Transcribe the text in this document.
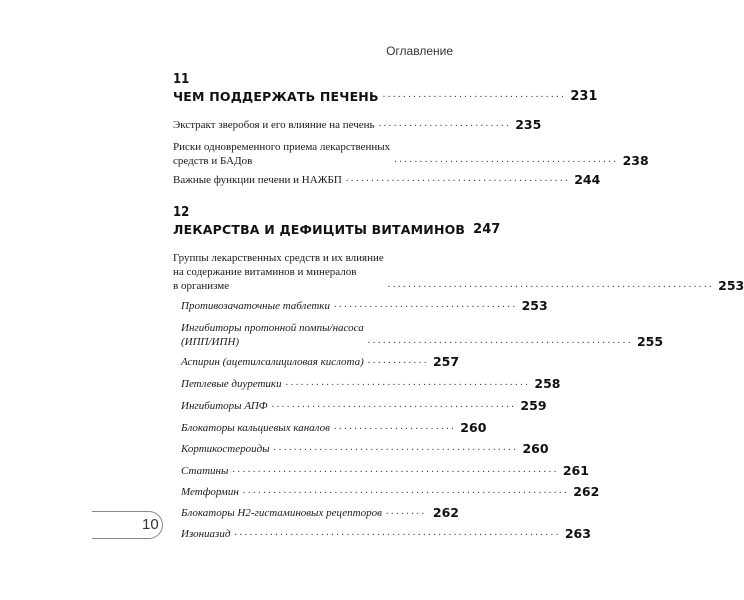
Оглавление
11
ЧЕМ ПОДДЕРЖАТЬ ПЕЧЕНЬ .................................... 231
Экстракт зверобоя и его влияние на печень .......................... 235
Риски одновременного приема лекарственных
средств и БАДов	............................................ 238
Важные функции печени и НАЖБП ............................................ 244
12
ЛЕКАРСТВА И ДЕФИЦИТЫ ВИТАМИНОВ 247
Группы лекарственных средств и их влияние
на содержание витаминов и минералов
в организме	................................................................ 253
Противозачаточные таблетки .................................... 253
Ингибиторы протонной помпы/насоса
(ИПП/ИПН)	.................................................... 255
Аспирин (ацетилсалициловая кислота) ............ 257
Петлевые диуретики ................................................ 258
Ингибиторы АПФ ................................................ 259
Блокаторы кальциевых каналов ........................ 260
Кортикостероиды ................................................ 260
Статины ................................................................ 261
Метформин ................................................................ 262
Блокаторы H2-гистаминовых рецепторов ........ 262
Изониазид ................................................................ 263
10
